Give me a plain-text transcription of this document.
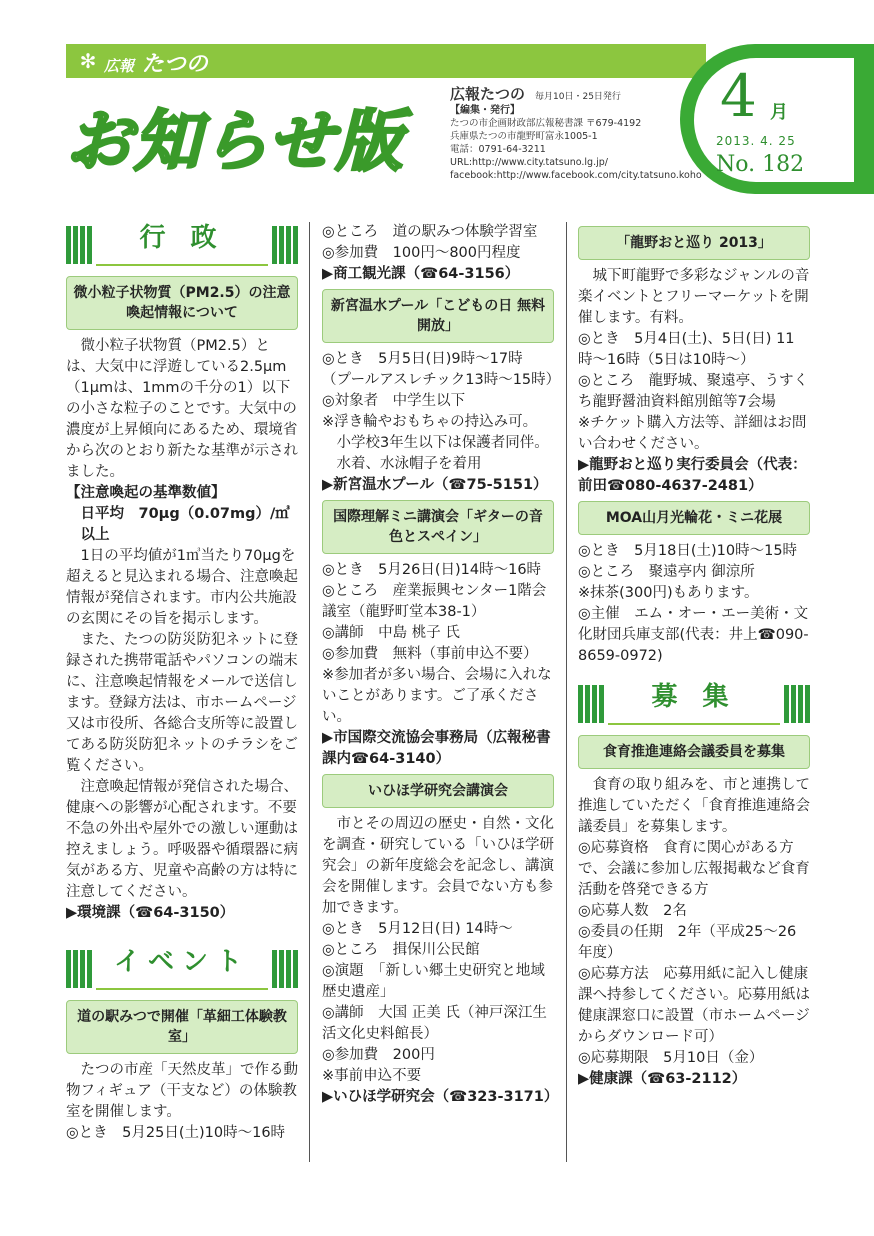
✻ 広報 たつの
お知らせ版
広報たつの 毎月10日・25日発行
【編集・発行】
たつの市企画財政部広報秘書課 〒679-4192
兵庫県たつの市龍野町富永1005-1
電話：0791-64-3211
URL:http://www.city.tatsuno.lg.jp/
facebook:http://www.facebook.com/city.tatsuno.koho
4 月
2013. 4. 25
No. 182
行 政
微小粒子状物質（PM2.5）の注意喚起情報について

微小粒子状物質（PM2.5）とは、大気中に浮遊している2.5μm（1μmは、1mmの千分の1）以下の小さな粒子のことです。大気中の濃度が上昇傾向にあるため、環境省から次のとおり新たな基準が示されました。

【注意喚起の基準数値】

日平均　70μg（0.07mg）/㎥以上

1日の平均値が1㎥当たり70μgを超えると見込まれる場合、注意喚起情報が発信されます。市内公共施設の玄関にその旨を掲示します。

また、たつの防災防犯ネットに登録された携帯電話やパソコンの端末に、注意喚起情報をメールで送信します。登録方法は、市ホームページ又は市役所、各総合支所等に設置してある防災防犯ネットのチラシをご覧ください。

注意喚起情報が発信された場合、健康への影響が心配されます。不要不急の外出や屋外での激しい運動は控えましょう。呼吸器や循環器に病気がある方、児童や高齢の方は特に注意してください。

▶環境課（☎64-3150）

イベント
道の駅みつで開催「革細工体験教室」

たつの市産「天然皮革」で作る動物フィギュア（干支など）の体験教室を開催します。

◎とき　5月25日(土)10時〜16時

◎ところ　道の駅みつ体験学習室

◎参加費　100円〜800円程度

▶商工観光課（☎64-3156）

新宮温水プール「こどもの日 無料開放」

◎とき　5月5日(日)9時〜17時

（プールアスレチック13時〜15時）

◎対象者　中学生以下

※浮き輪やおもちゃの持込み可。

小学校3年生以下は保護者同伴。水着、水泳帽子を着用

▶新宮温水プール（☎75-5151）

国際理解ミニ講演会「ギターの音色とスペイン」

◎とき　5月26日(日)14時〜16時

◎ところ　産業振興センター1階会議室（龍野町堂本38-1）

◎講師　中島 桃子 氏

◎参加費　無料（事前申込不要）

※参加者が多い場合、会場に入れないことがあります。ご了承ください。

▶市国際交流協会事務局（広報秘書課内☎64-3140）

いひほ学研究会講演会

市とその周辺の歴史・自然・文化を調査・研究している「いひほ学研究会」の新年度総会を記念し、講演会を開催します。会員でない方も参加できます。

◎とき　5月12日(日) 14時〜

◎ところ　揖保川公民館

◎演題　「新しい郷土史研究と地域歴史遺産」

◎講師　大国 正美 氏（神戸深江生活文化史料館長）

◎参加費　200円

※事前申込不要

▶いひほ学研究会（☎323-3171）

「龍野おと巡り 2013」

城下町龍野で多彩なジャンルの音楽イベントとフリーマーケットを開催します。有料。

◎とき　5月4日(土)、5日(日) 11時〜16時（5日は10時〜）

◎ところ　龍野城、聚遠亭、うすくち龍野醤油資料館別館等7会場

※チケット購入方法等、詳細はお問い合わせください。

▶龍野おと巡り実行委員会（代表：前田☎080-4637-2481）

MOA山月光輪花・ミニ花展

◎とき　5月18日(土)10時〜15時

◎ところ　聚遠亭内 御涼所

※抹茶(300円)もあります。

◎主催　エム・オー・エー美術・文化財団兵庫支部(代表：井上☎090-8659-0972)

募 集
食育推進連絡会議委員を募集

食育の取り組みを、市と連携して推進していただく「食育推進連絡会議委員」を募集します。

◎応募資格　食育に関心がある方で、会議に参加し広報掲載など食育活動を啓発できる方

◎応募人数　2名

◎委員の任期　2年（平成25〜26年度）

◎応募方法　応募用紙に記入し健康課へ持参してください。応募用紙は健康課窓口に設置（市ホームページからダウンロード可）

◎応募期限　5月10日（金）

▶健康課（☎63-2112）
